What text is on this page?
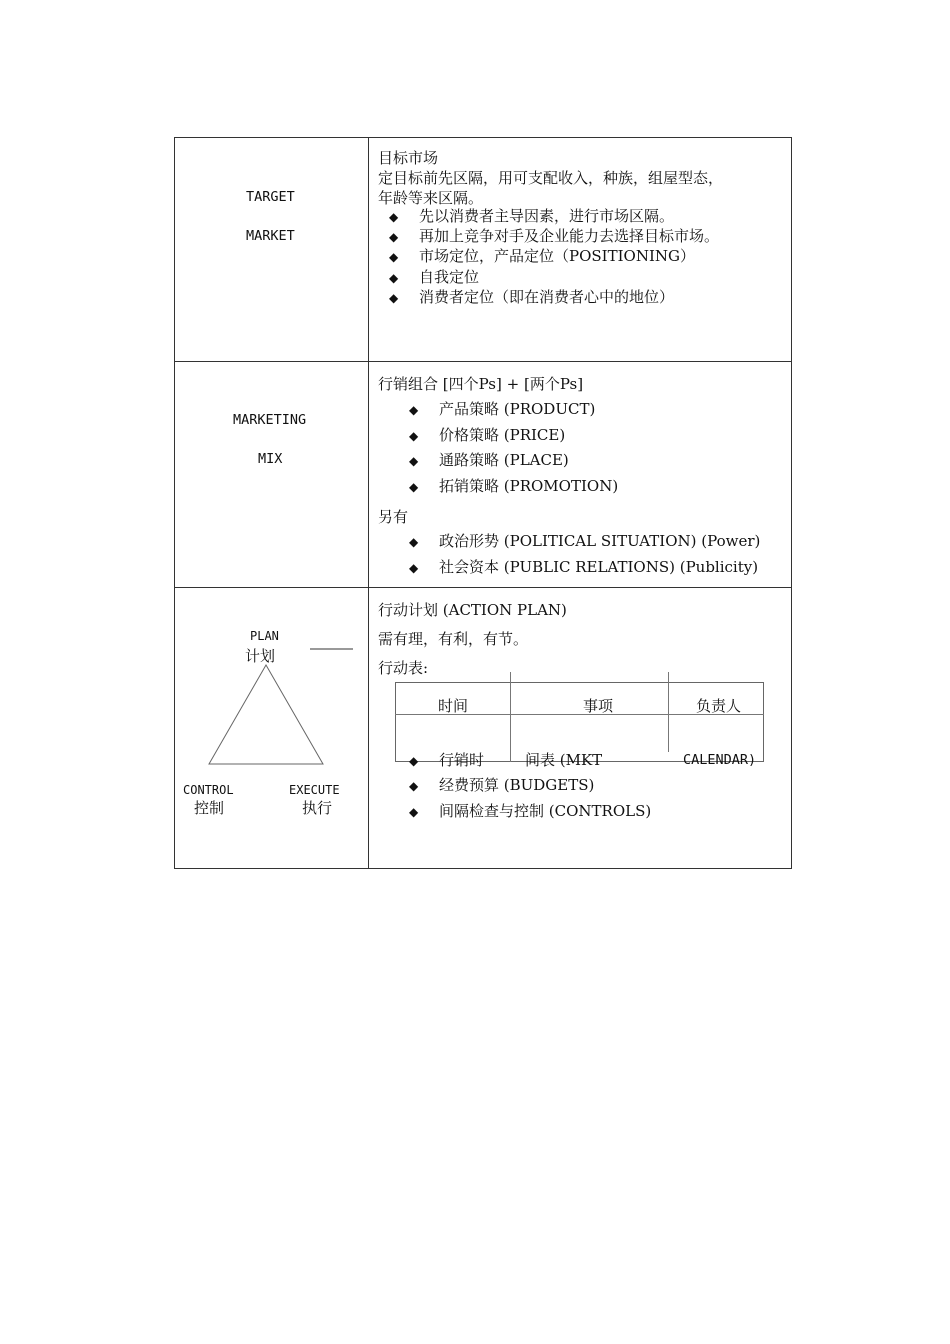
TARGET
MARKET
目标市场
定目标前先区隔，用可支配收入，种族，组屋型态，
年龄等来区隔。
◆ 先以消费者主导因素，进行市场区隔。
◆ 再加上竞争对手及企业能力去选择目标市场。
◆ 市场定位，产品定位（POSITIONING）
◆ 自我定位
◆ 消费者定位（即在消费者心中的地位）
MARKETING
MIX
行销组合 [四个Ps] + [两个Ps]
◆ 产品策略 (PRODUCT)
◆ 价格策略 (PRICE)
◆ 通路策略 (PLACE)
◆ 拓销策略 (PROMOTION)
另有
◆ 政治形势 (POLITICAL SITUATION) (Power)
◆ 社会资本 (PUBLIC RELATIONS) (Publicity)
PLAN
计划
CONTROL
控制
EXECUTE
执行
行动计划 (ACTION PLAN)
需有理，有利，有节。
行动表:
时间	事项	负责人
◆ 行销时	间表 (MKT	CALENDAR)
◆ 经费预算 (BUDGETS)
◆ 间隔检查与控制 (CONTROLS)
